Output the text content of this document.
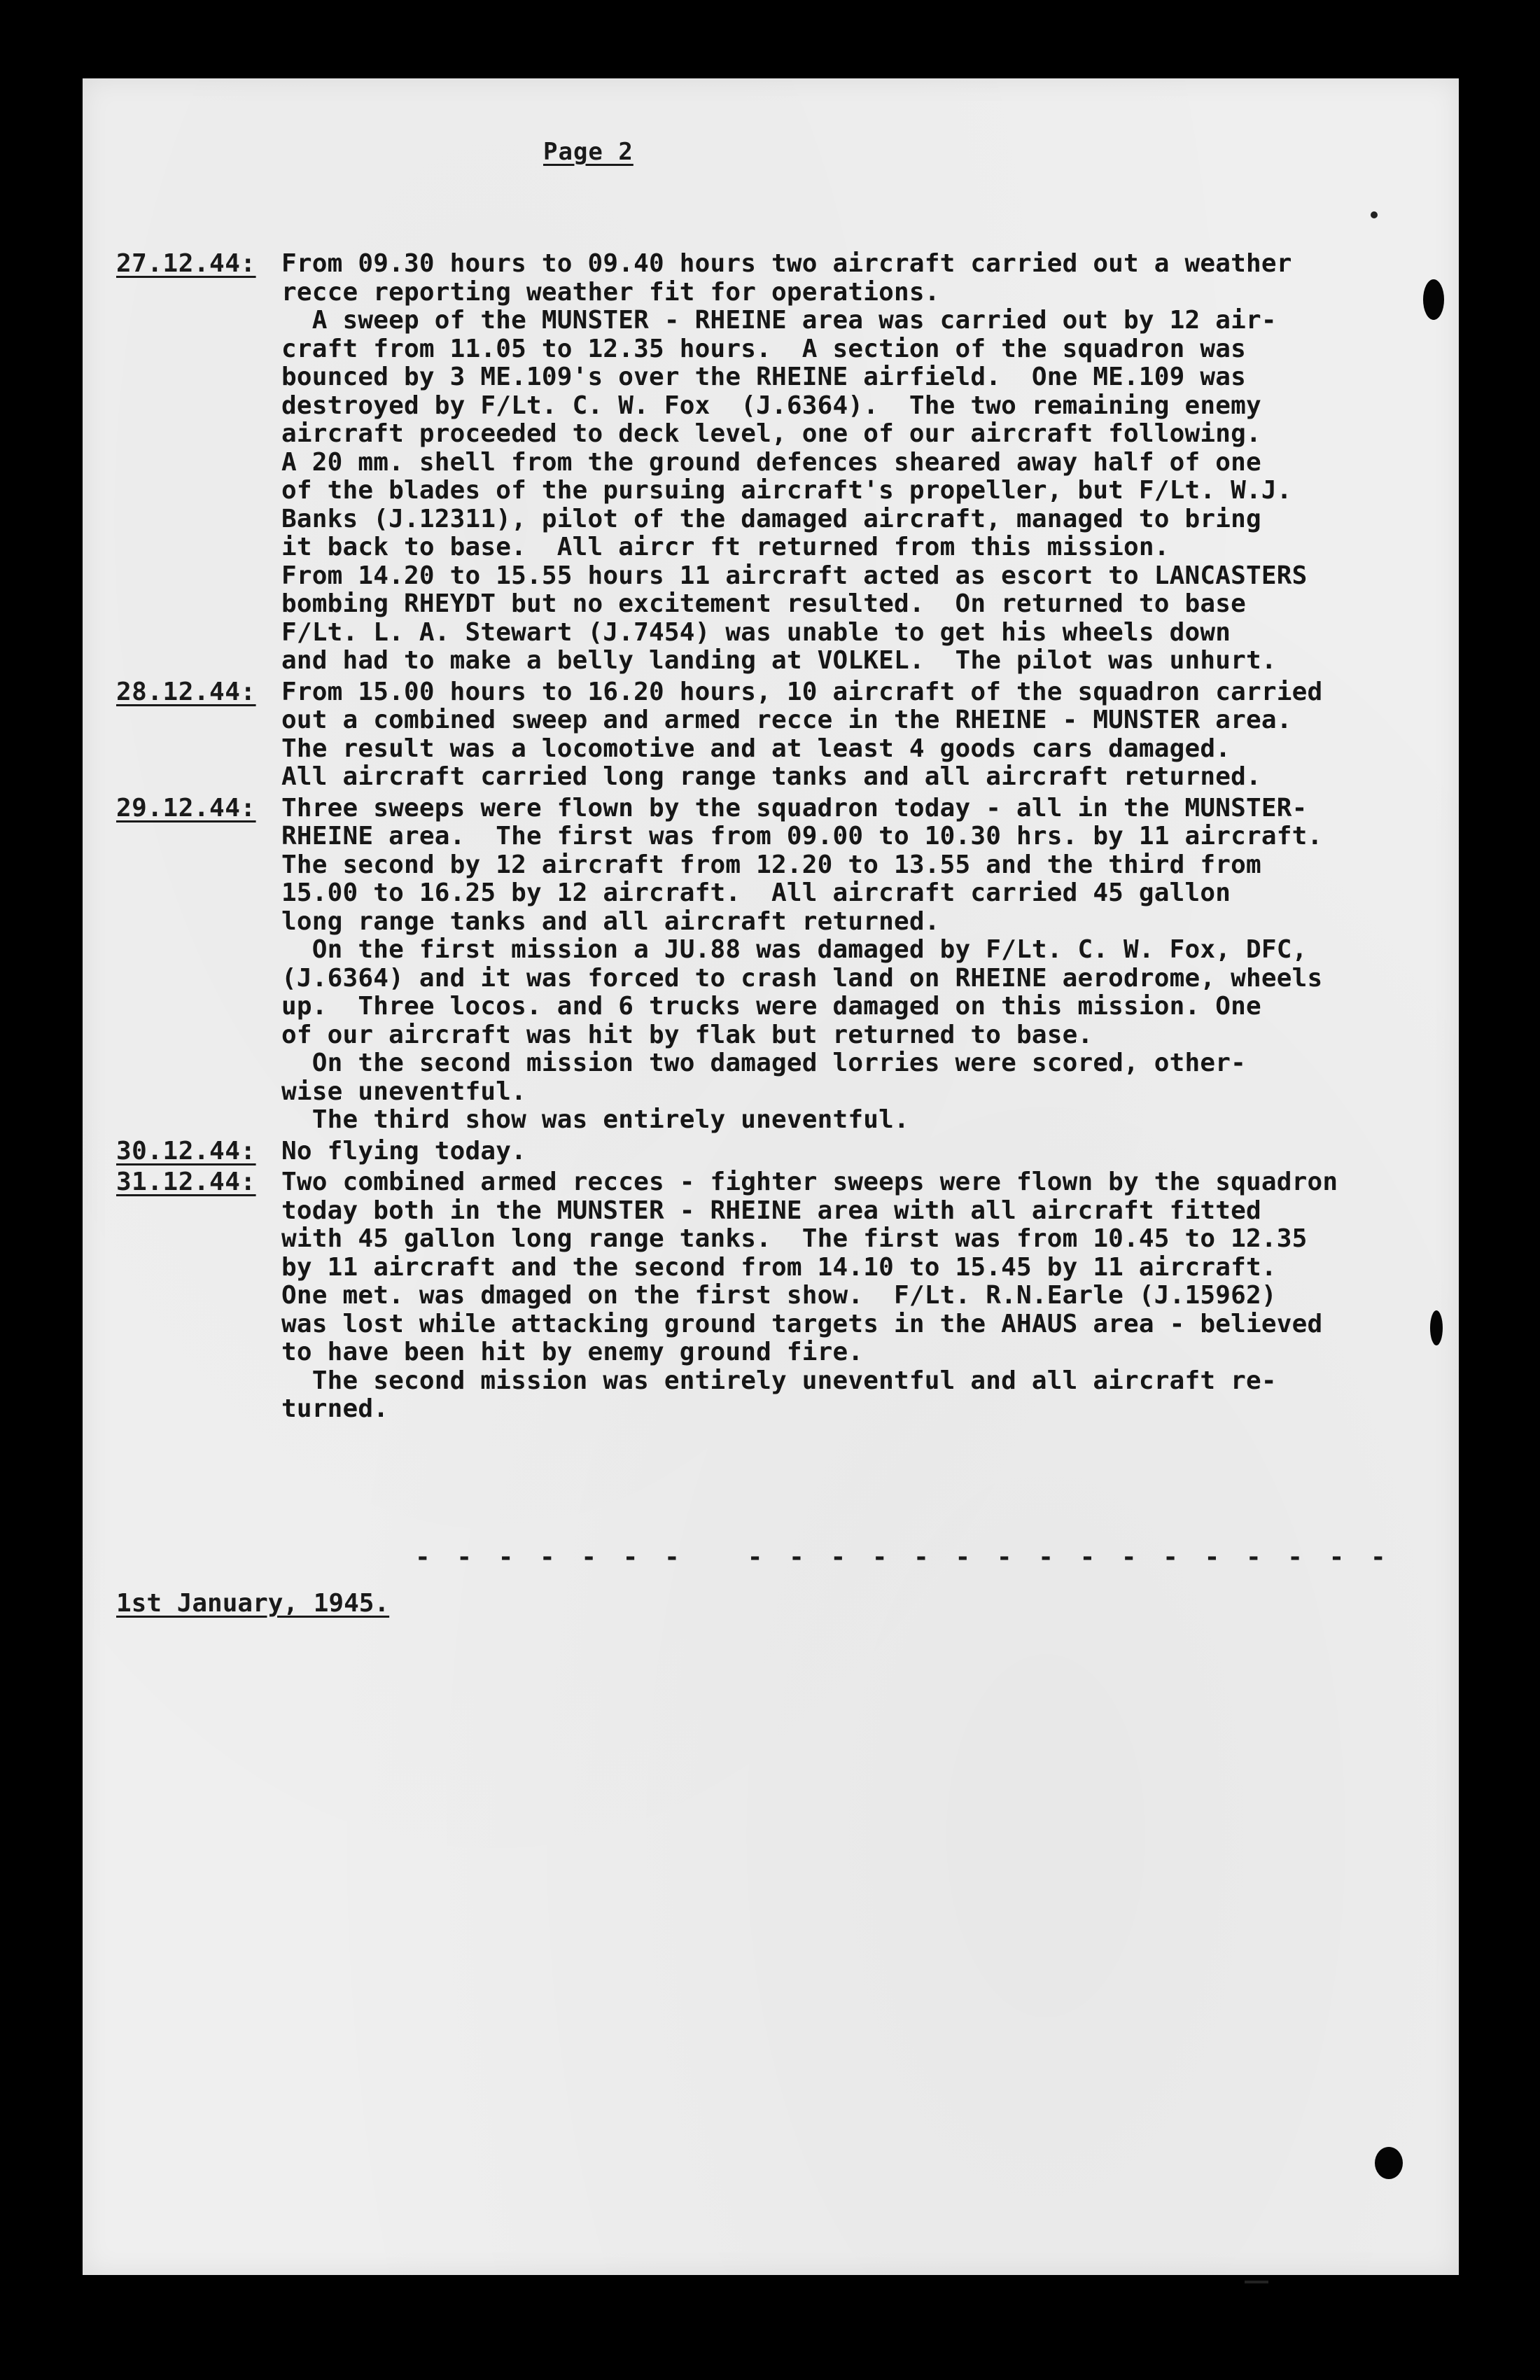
Page 2
27.12.44:	From 09.30 hours to 09.40 hours two aircraft carried out a weather
recce reporting weather fit for operations.
A sweep of the MUNSTER - RHEINE area was carried out by 12 air-
craft from 11.05 to 12.35 hours.  A section of the squadron was
bounced by 3 ME.109's over the RHEINE airfield.  One ME.109 was
destroyed by F/Lt. C. W. Fox  (J.6364).  The two remaining enemy
aircraft proceeded to deck level, one of our aircraft following.
A 20 mm. shell from the ground defences sheared away half of one
of the blades of the pursuing aircraft's propeller, but F/Lt. W.J.
Banks (J.12311), pilot of the damaged aircraft, managed to bring
it back to base.  All aircr ft returned from this mission.
From 14.20 to 15.55 hours 11 aircraft acted as escort to LANCASTERS
bombing RHEYDT but no excitement resulted.  On returned to base
F/Lt. L. A. Stewart (J.7454) was unable to get his wheels down
and had to make a belly landing at VOLKEL.  The pilot was unhurt.
28.12.44:	From 15.00 hours to 16.20 hours, 10 aircraft of the squadron carried
out a combined sweep and armed recce in the RHEINE - MUNSTER area.
The result was a locomotive and at least 4 goods cars damaged.
All aircraft carried long range tanks and all aircraft returned.
29.12.44:	Three sweeps were flown by the squadron today - all in the MUNSTER-
RHEINE area.  The first was from 09.00 to 10.30 hrs. by 11 aircraft.
The second by 12 aircraft from 12.20 to 13.55 and the third from
15.00 to 16.25 by 12 aircraft.  All aircraft carried 45 gallon
long range tanks and all aircraft returned.
On the first mission a JU.88 was damaged by F/Lt. C. W. Fox, DFC,
(J.6364) and it was forced to crash land on RHEINE aerodrome, wheels
up.  Three locos. and 6 trucks were damaged on this mission. One
of our aircraft was hit by flak but returned to base.
On the second mission two damaged lorries were scored, other-
wise uneventful.
The third show was entirely uneventful.
30.12.44:	No flying today.
31.12.44:	Two combined armed recces - fighter sweeps were flown by the squadron
today both in the MUNSTER - RHEINE area with all aircraft fitted
with 45 gallon long range tanks.  The first was from 10.45 to 12.35
by 11 aircraft and the second from 14.10 to 15.45 by 11 aircraft.
One met. was dmaged on the first show.  F/Lt. R.N.Earle (J.15962)
was lost while attacking ground targets in the AHAUS area - believed
to have been hit by enemy ground fire.
The second mission was entirely uneventful and all aircraft re-
turned.
- - - - - - -   - - - - - - - - - - - - - - - -
1st January, 1945.
